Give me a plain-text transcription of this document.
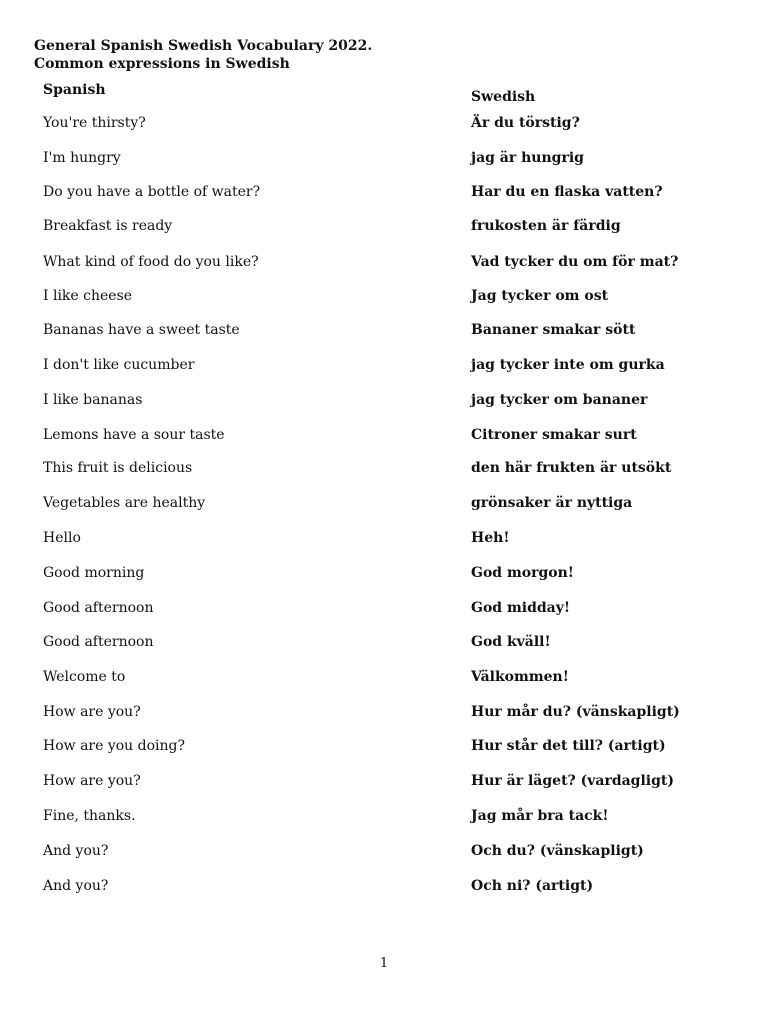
General Spanish Swedish Vocabulary 2022.
Common expressions in Swedish
Spanish	Swedish
You're thirsty?	Är du törstig?
I'm hungry	jag är hungrig
Do you have a bottle of water?	Har du en flaska vatten?
Breakfast is ready	frukosten är färdig
What kind of food do you like?	Vad tycker du om för mat?
I like cheese	Jag tycker om ost
Bananas have a sweet taste	Bananer smakar sött
I don't like cucumber	jag tycker inte om gurka
I like bananas	jag tycker om bananer
Lemons have a sour taste	Citroner smakar surt
This fruit is delicious	den här frukten är utsökt
Vegetables are healthy	grönsaker är nyttiga
Hello	Heh!
Good morning	God morgon!
Good afternoon	God midday!
Good afternoon	God kväll!
Welcome to	Välkommen!
How are you?	Hur mår du? (vänskapligt)
How are you doing?	Hur står det till? (artigt)
How are you?	Hur är läget? (vardagligt)
Fine, thanks.	Jag mår bra tack!
And you?	Och du? (vänskapligt)
And you?	Och ni? (artigt)
1
